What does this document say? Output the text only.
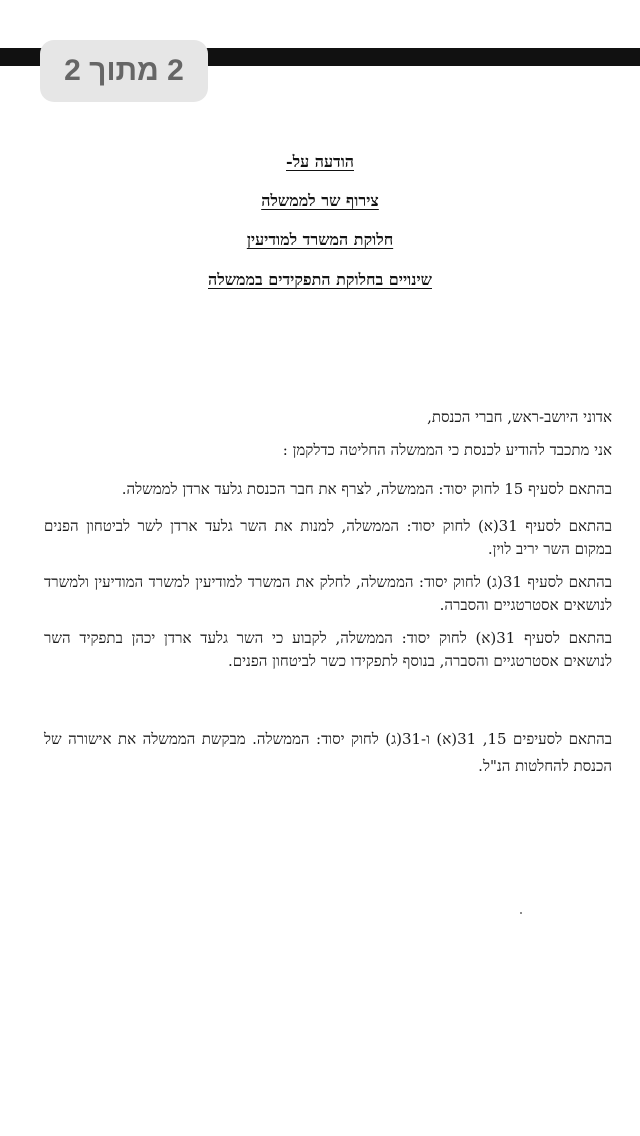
2 מתוך 2
הודעה על-
צירוף שר לממשלה
חלוקת המשרד למודיעין
שינויים בחלוקת התפקידים בממשלה
אדוני היושב-ראש, חברי הכנסת,
אני מתכבד להודיע לכנסת כי הממשלה החליטה כדלקמן :
בהתאם לסעיף 15 לחוק יסוד: הממשלה, לצרף את חבר הכנסת גלעד ארדן לממשלה.
בהתאם לסעיף 31(א) לחוק יסוד: הממשלה, למנות את השר גלעד ארדן לשר לביטחון הפנים במקום השר יריב לוין.
בהתאם לסעיף 31(ג) לחוק יסוד: הממשלה, לחלק את המשרד למודיעין למשרד המודיעין ולמשרד לנושאים אסטרטגיים והסברה.
בהתאם לסעיף 31(א) לחוק יסוד: הממשלה, לקבוע כי השר גלעד ארדן יכהן בתפקיד השר לנושאים אסטרטגיים והסברה, בנוסף לתפקידו כשר לביטחון הפנים.
בהתאם לסעיפים 15, 31(א) ו-31(ג) לחוק יסוד: הממשלה. מבקשת הממשלה את אישורה של הכנסת להחלטות הנ"ל.
